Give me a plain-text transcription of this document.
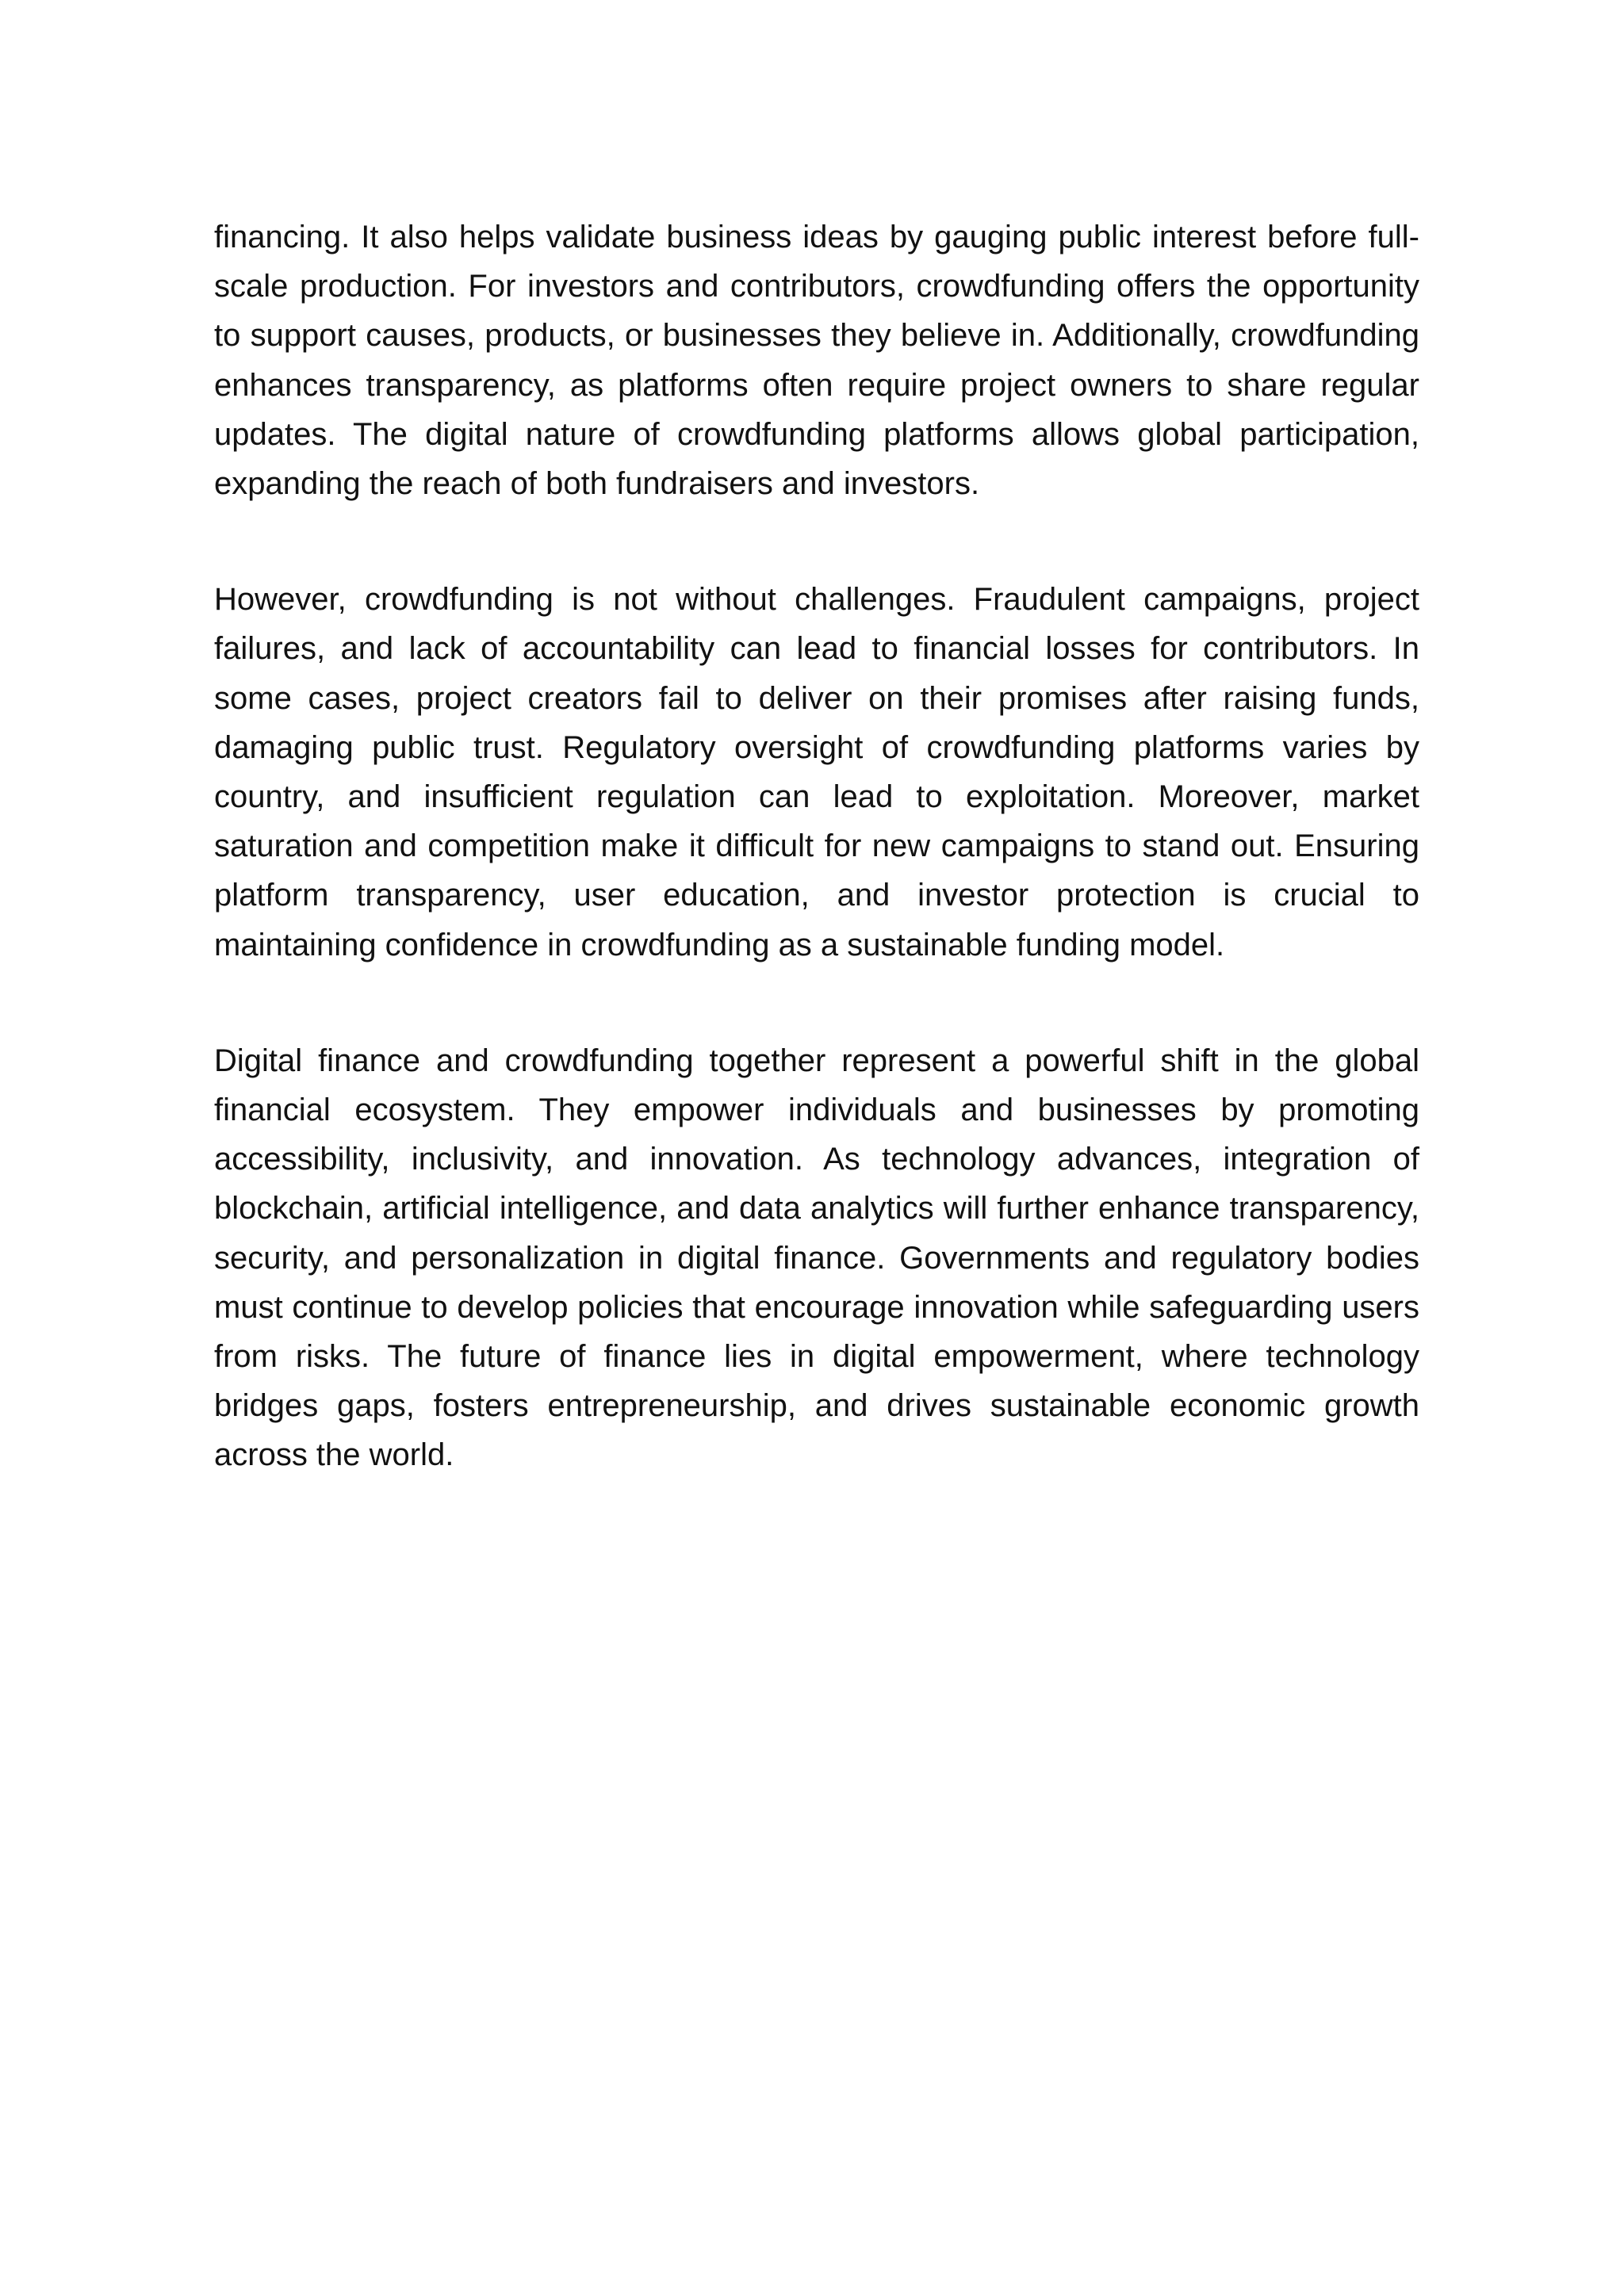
financing. It also helps validate business ideas by gauging public interest before full-scale production. For investors and contributors, crowdfunding offers the opportunity to support causes, products, or businesses they believe in. Additionally, crowdfunding enhances transparency, as platforms often require project owners to share regular updates. The digital nature of crowdfunding platforms allows global participation, expanding the reach of both fundraisers and investors.

However, crowdfunding is not without challenges. Fraudulent campaigns, project failures, and lack of accountability can lead to financial losses for contributors. In some cases, project creators fail to deliver on their promises after raising funds, damaging public trust. Regulatory oversight of crowdfunding platforms varies by country, and insufficient regulation can lead to exploitation. Moreover, market saturation and competition make it difficult for new campaigns to stand out. Ensuring platform transparency, user education, and investor protection is crucial to maintaining confidence in crowdfunding as a sustainable funding model.

Digital finance and crowdfunding together represent a powerful shift in the global financial ecosystem. They empower individuals and businesses by promoting accessibility, inclusivity, and innovation. As technology advances, integration of blockchain, artificial intelligence, and data analytics will further enhance transparency, security, and personalization in digital finance. Governments and regulatory bodies must continue to develop policies that encourage innovation while safeguarding users from risks. The future of finance lies in digital empowerment, where technology bridges gaps, fosters entrepreneurship, and drives sustainable economic growth across the world.
